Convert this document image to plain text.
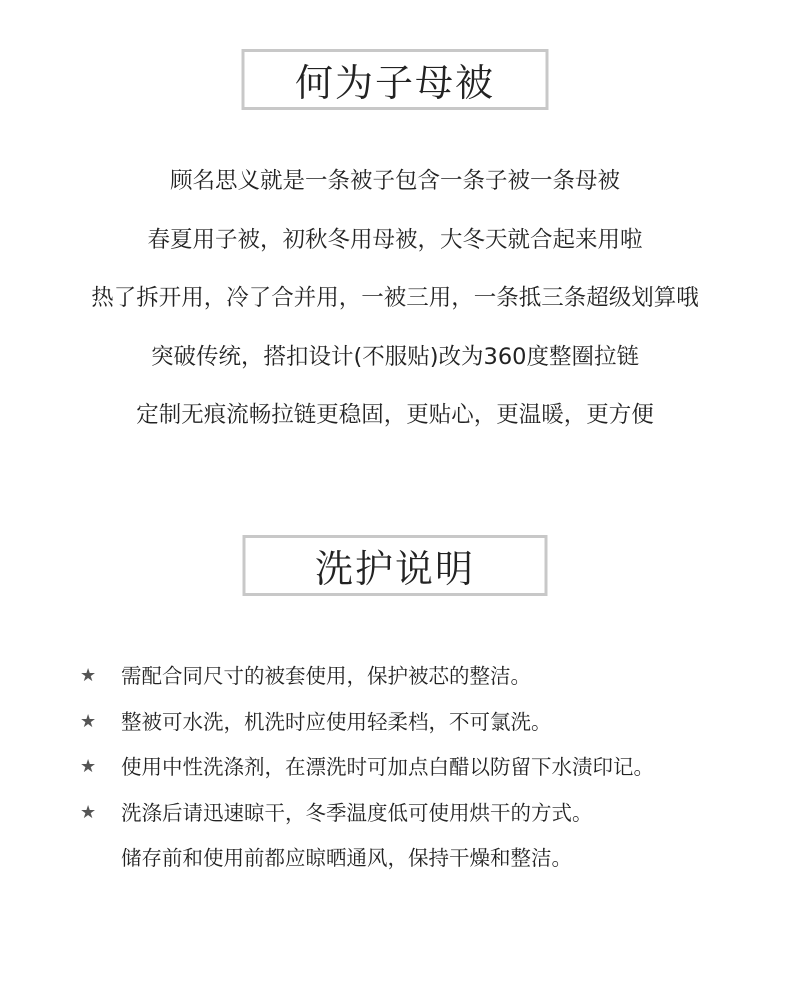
何为子母被
顾名思义就是一条被子包含一条子被一条母被
春夏用子被，初秋冬用母被，大冬天就合起来用啦
热了拆开用，冷了合并用，一被三用，一条抵三条超级划算哦
突破传统，搭扣设计(不服贴)改为360度整圈拉链
定制无痕流畅拉链更稳固，更贴心，更温暖，更方便
洗护说明
★ 需配合同尺寸的被套使用，保护被芯的整洁。
★ 整被可水洗，机洗时应使用轻柔档，不可氯洗。
★ 使用中性洗涤剂，在漂洗时可加点白醋以防留下水渍印记。
★ 洗涤后请迅速晾干，冬季温度低可使用烘干的方式。
储存前和使用前都应晾晒通风，保持干燥和整洁。
